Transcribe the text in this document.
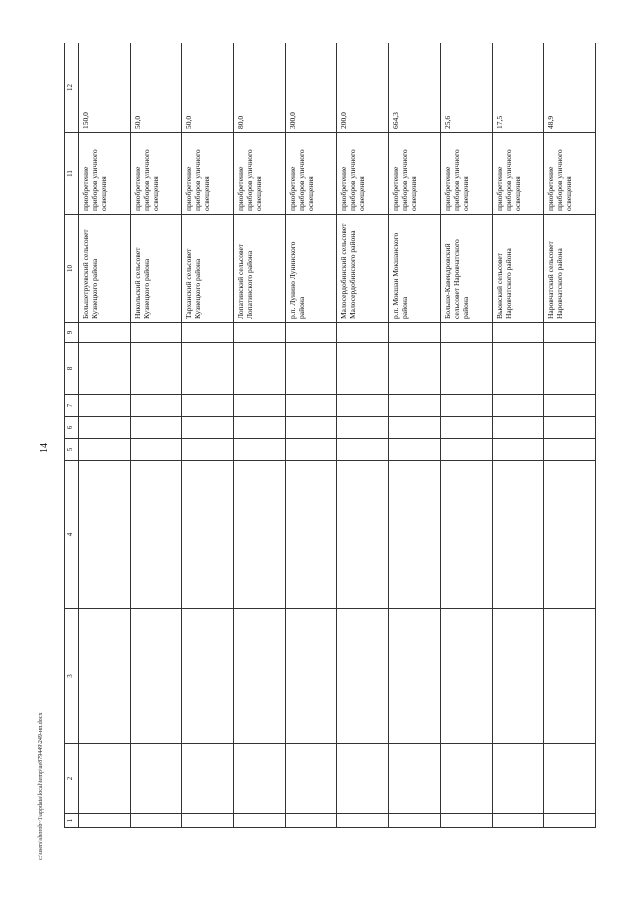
14
1	2	3	4	5	6	7	8	9	10	11	12
									Большетруевский сельсовет Кузнецкого района	приобретение приборов уличного освещения	150,0
									Никольский сельсовет Кузнецкого района	приобретение приборов уличного освещения	50,0
									Тарханский сельсовет Кузнецкого района	приобретение приборов уличного освещения	50,0
									Лопатинский сельсовет Лопатинского района	приобретение приборов уличного освещения	80,0
									р.п. Лунино Лунинского района	приобретение приборов уличного освещения	300,0
									Малосердобинский сельсовет Малосердобинского района	приобретение приборов уличного освещения	200,0
									р.п. Мокшан Мокшанского района	приобретение приборов уличного освещения	664,3
									Больше-Кавендровский сельсовет Наровчатского района	приобретение приборов уличного освещения	25,6
									Вьюнский сельсовет Наровчатского района	приобретение приборов уличного освещения	17,5
									Наровчатский сельсовет Наровчатского района	приобретение приборов уличного освещения	48,9
c:\users\shorob~1\appdata\local\temp\ue879449\249-нп.docx
